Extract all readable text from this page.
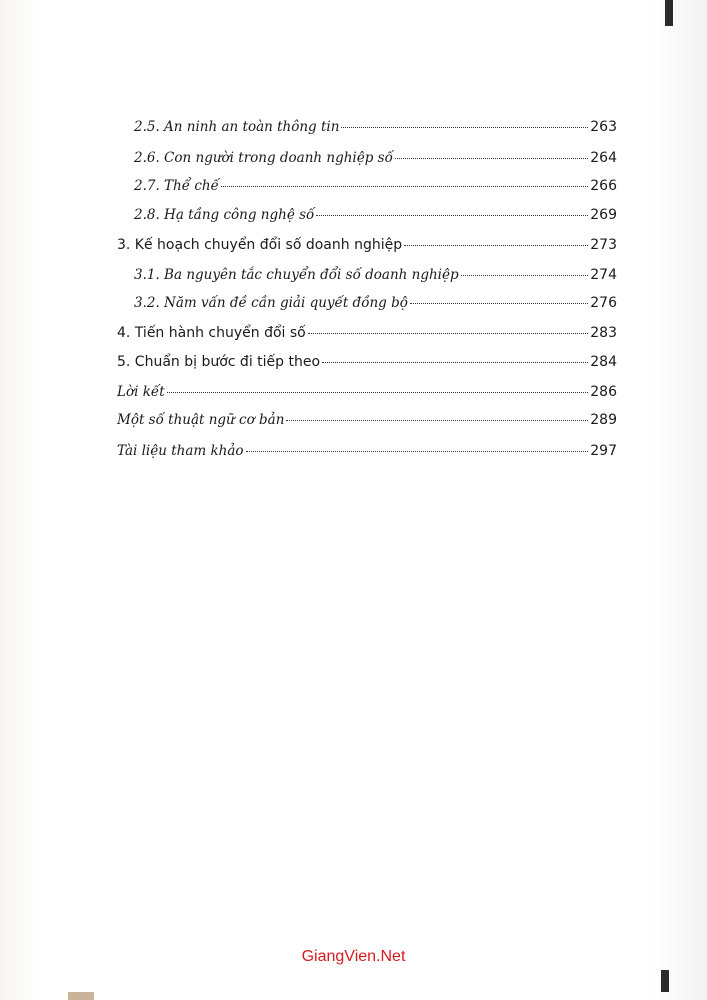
2.5. An ninh an toàn thông tin	263
2.6. Con người trong doanh nghiệp số	264
2.7. Thể chế	266
2.8. Hạ tầng công nghệ số	269
3. Kế hoạch chuyển đổi số doanh nghiệp	273
3.1. Ba nguyên tắc chuyển đổi số doanh nghiệp	274
3.2. Năm vấn đề cần giải quyết đồng bộ	276
4. Tiến hành chuyển đổi số	283
5. Chuẩn bị bước đi tiếp theo	284
Lời kết	286
Một số thuật ngữ cơ bản	289
Tài liệu tham khảo	297
GiangVien.Net
